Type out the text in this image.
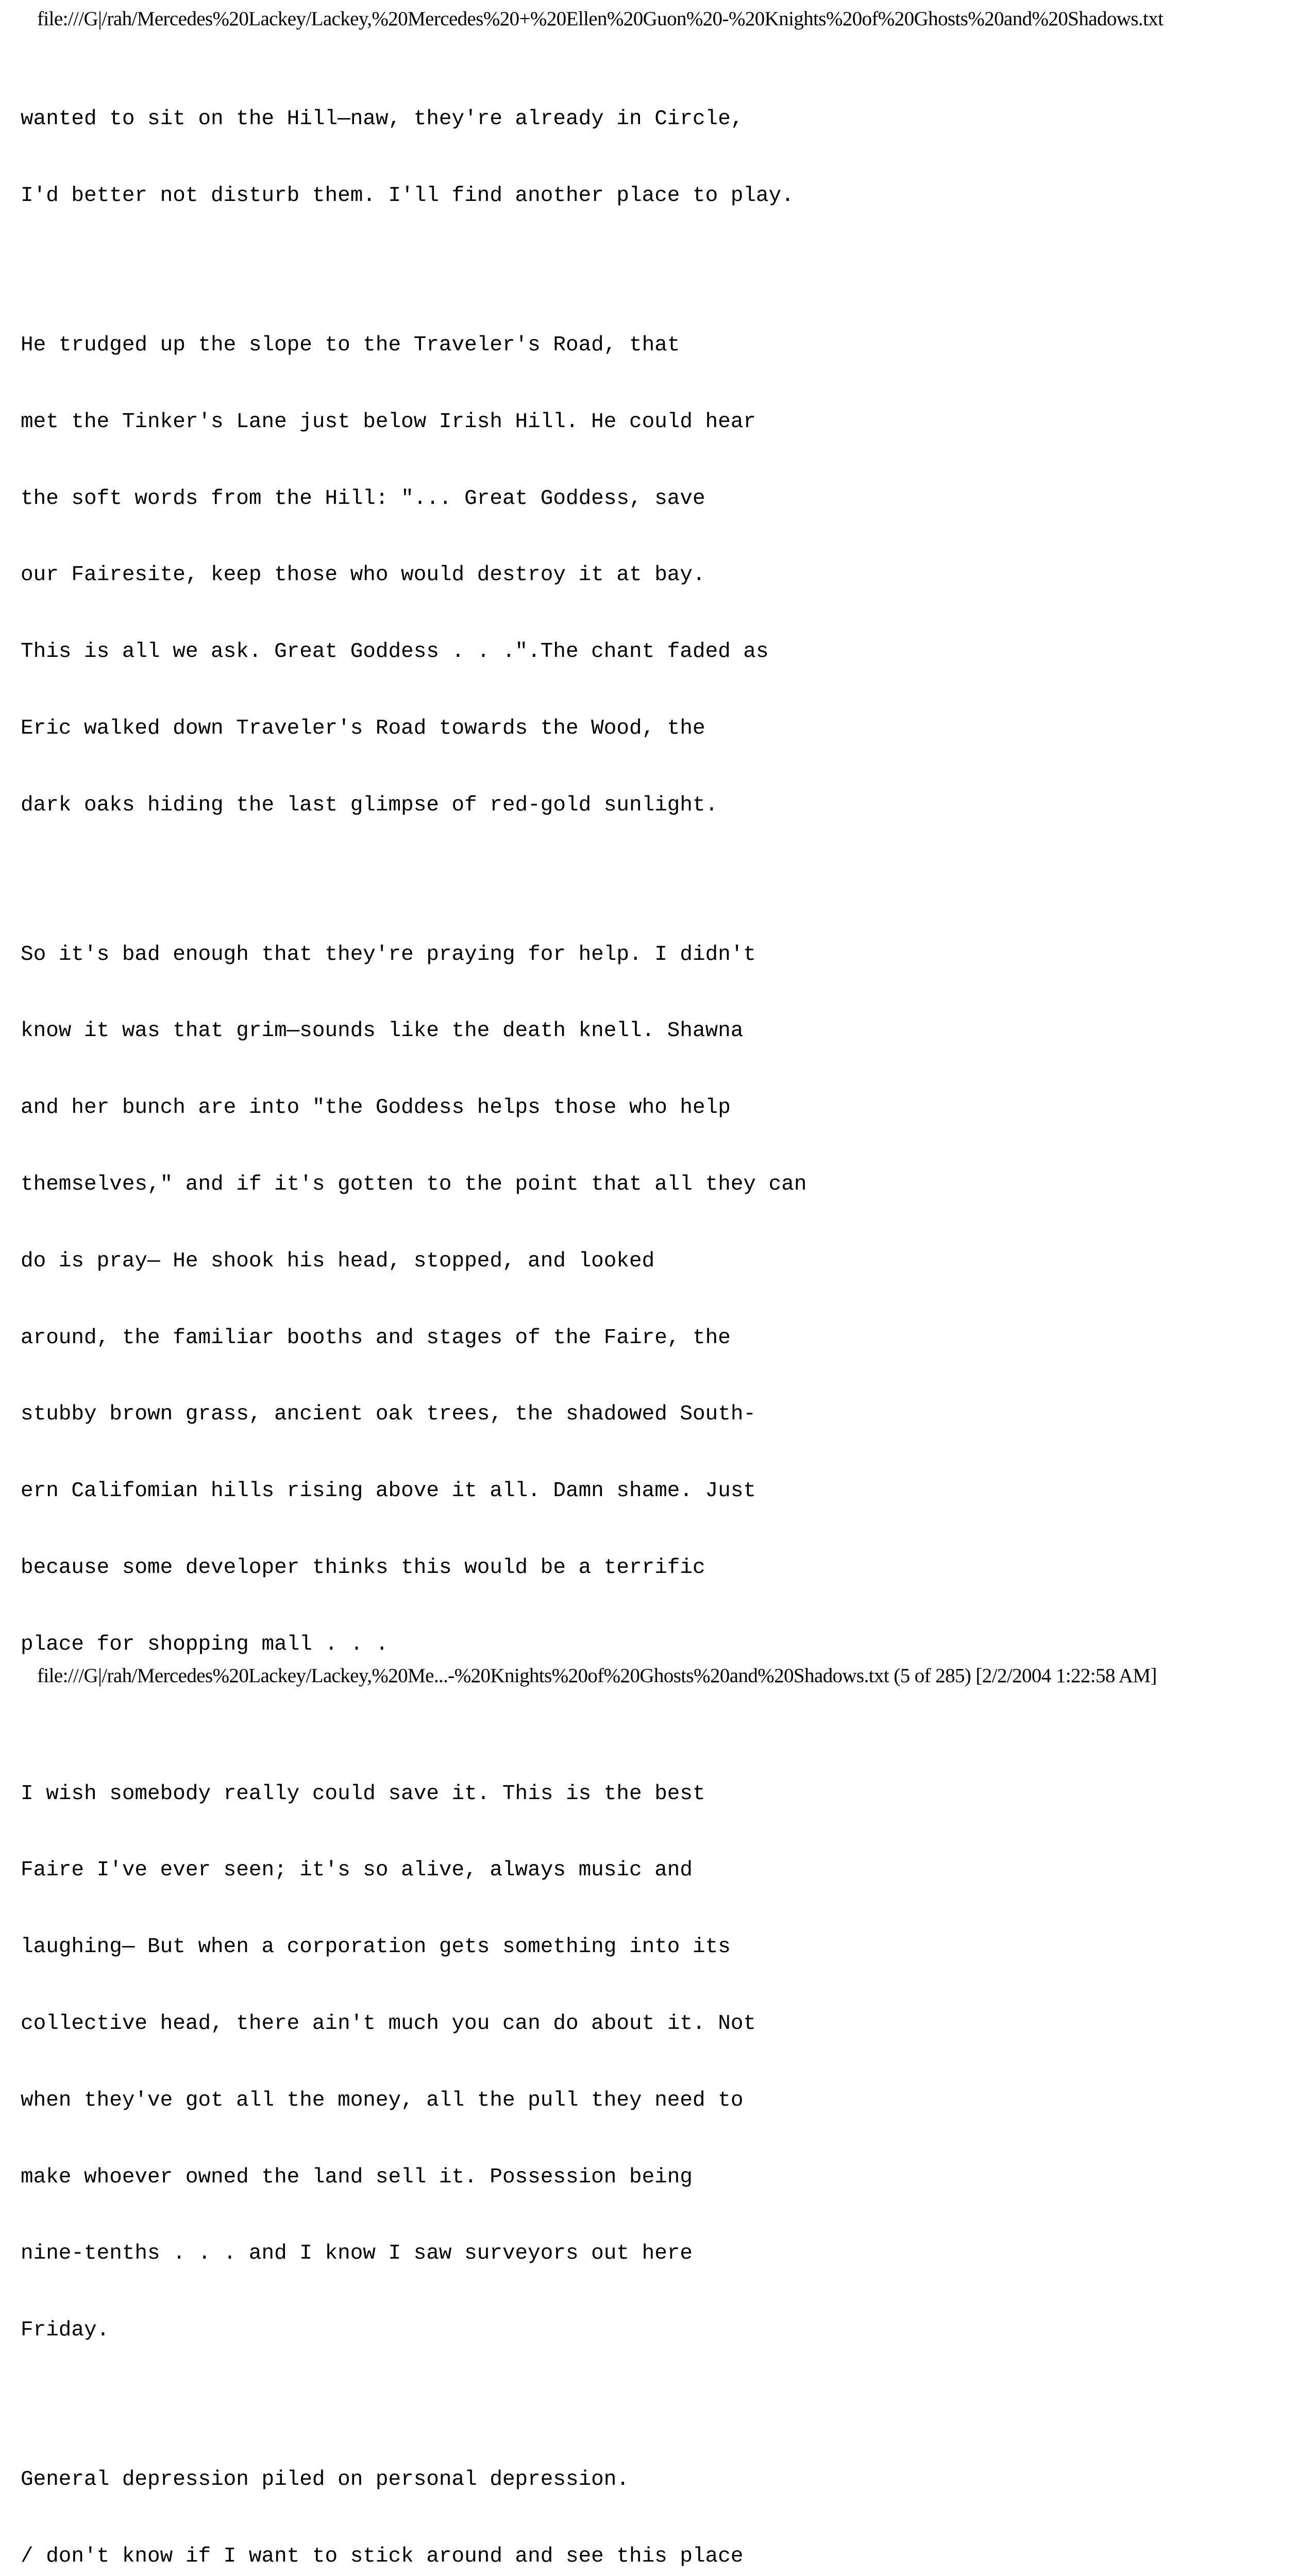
file:///G|/rah/Mercedes%20Lackey/Lackey,%20Mercedes%20+%20Ellen%20Guon%20-%20Knights%20of%20Ghosts%20and%20Shadows.txt

wanted to sit on the Hill—naw, they're already in Circle,

I'd better not disturb them. I'll find another place to play.

He trudged up the slope to the Traveler's Road, that

met the Tinker's Lane just below Irish Hill. He could hear

the soft words from the Hill: "... Great Goddess, save

our Fairesite, keep those who would destroy it at bay.

This is all we ask. Great Goddess . . .".The chant faded as

Eric walked down Traveler's Road towards the Wood, the

dark oaks hiding the last glimpse of red-gold sunlight.

So it's bad enough that they're praying for help. I didn't

know it was that grim—sounds like the death knell. Shawna

and her bunch are into "the Goddess helps those who help

themselves," and if it's gotten to the point that all they can

do is pray— He shook his head, stopped, and looked

around, the familiar booths and stages of the Faire, the

stubby brown grass, ancient oak trees, the shadowed South-

ern Califomian hills rising above it all. Damn shame. Just

because some developer thinks this would be a terrific

place for shopping mall . . .

I wish somebody really could save it. This is the best

Faire I've ever seen; it's so alive, always music and

laughing— But when a corporation gets something into its

collective head, there ain't much you can do about it. Not

when they've got all the money, all the pull they need to

make whoever owned the land sell it. Possession being

nine-tenths . . . and I know I saw surveyors out here

Friday.

General depression piled on personal depression.

/ don't know if I want to stick around and see this place

file:///G|/rah/Mercedes%20Lackey/Lackey,%20Me...-%20Knights%20of%20Ghosts%20and%20Shadows.txt (5 of 285) [2/2/2004 1:22:58 AM]
